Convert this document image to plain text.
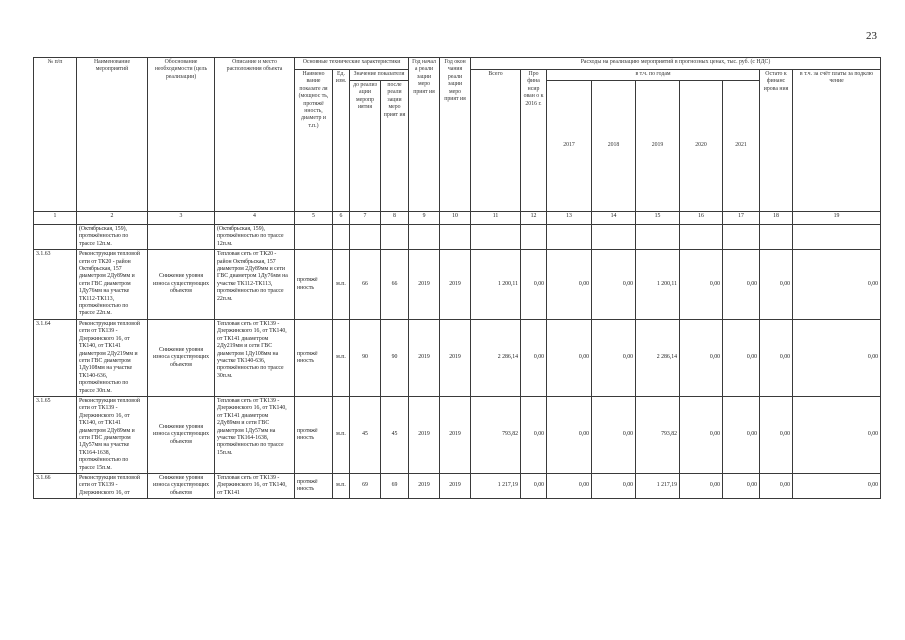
23
№ п/п	Наименование мероприятий	Обоснование необходимости (цель реализации)	Описание и место расположения объекта	Основные технические характеристики				Год начал а реали зации меро прият ия	Год окон чания реали зации меро прият ия	Расходы на реализацию мероприятий в прогнозных ценах, тыс. руб. (с НДС)								
				Наимено вание показате ля (мощнос ть, протяжё нность, диаметр и т.п.)	Ед. изм.	Значение показателя				Всего	Про фина нсир ован о к 2016 г.	в т.ч. по годам					Остато к финанс ирова ния	в т.ч. за счёт платы за подклю чение
						до реализ ации меропр иятия	после реали зации меро прият ия					2017	2018	2019	2020	2021		

1	2	3	4	5	6	7	8	9	10	11	12	13	14	15	16	17	18	19
	(Октябрьская, 159), протяжённостью по трассе 12п.м.		(Октябрьская, 159), протяжённостью по трассе 12п.м.															
3.1.63	Реконструкция тепловой сети от ТК20 - район Октябрьская, 157 диаметром 2Ду89мм и сети ГВС диаметром 1Ду76мм на участке ТК112-ТК113, протяжённостью по трассе 22п.м.	Снижение уровня износа существующих объектов	Тепловая сеть от ТК20 - район Октябрьская, 157 диаметром 2Ду89мм и сети ГВС диаметром 1Ду76мм на участке ТК112-ТК113, протяжённостью по трассе 22п.м.	протяжё нность	м.п.	66	66	2019	2019	1 200,11	0,00	0,00	0,00	1 200,11	0,00	0,00	0,00	0,00
3.1.64	Реконструкция тепловой сети от ТК139 - Дзержинского 16, от ТК140, от ТК141 диаметром 2Ду219мм и сети ГВС диаметром 1Ду108мм на участке ТК140-636, протяжённостью по трассе 30п.м.	Снижение уровня износа существующих объектов	Тепловая сеть от ТК139 - Дзержинского 16, от ТК140, от ТК141 диаметром 2Ду219мм и сети ГВС диаметром 1Ду108мм на участке ТК140-636, протяжённостью по трассе 30п.м.	протяжё нность	м.п.	90	90	2019	2019	2 286,14	0,00	0,00	0,00	2 286,14	0,00	0,00	0,00	0,00
3.1.65	Реконструкция тепловой сети от ТК139 - Дзержинского 16, от ТК140, от ТК141 диаметром 2Ду89мм и сети ГВС диаметром 1Ду57мм на участке ТК164-1638, протяжённостью по трассе 15п.м.	Снижение уровня износа существующих объектов	Тепловая сеть от ТК139 - Дзержинского 16, от ТК140, от ТК141 диаметром 2Ду89мм и сети ГВС диаметром 1Ду57мм на участке ТК164-1638, протяжённостью по трассе 15п.м.	протяжё нность	м.п.	45	45	2019	2019	793,82	0,00	0,00	0,00	793,82	0,00	0,00	0,00	0,00
3.1.66	Реконструкция тепловой сети от ТК139 - Дзержинского 16, от	Снижение уровня износа существующих объектов	Тепловая сеть от ТК139 - Дзержинского 16, от ТК140, от ТК141	протяжё нность	м.п.	69	69	2019	2019	1 217,19	0,00	0,00	0,00	1 217,19	0,00	0,00	0,00	0,00
